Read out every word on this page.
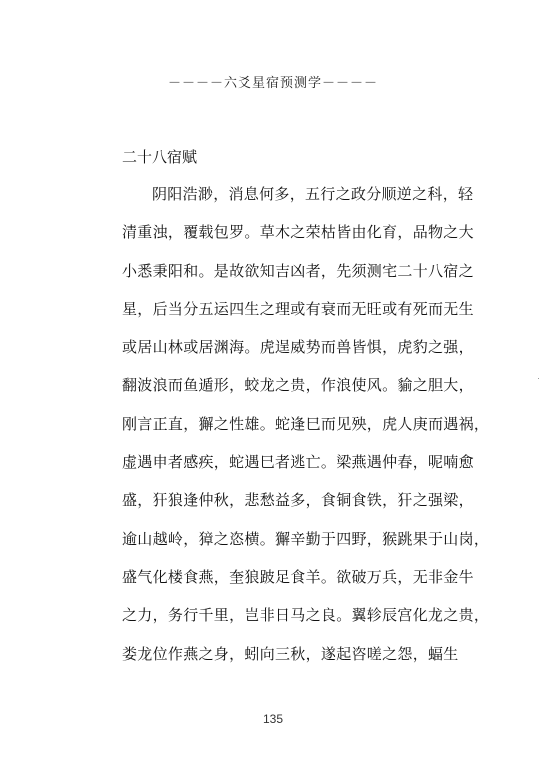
－－－－六爻星宿预测学－－－－
二十八宿赋
阴阳浩渺，消息何多，五行之政分顺逆之科，轻
清重浊，覆载包罗。草木之荣枯皆由化育，品物之大
小悉秉阳和。是故欲知吉凶者，先须测宅二十八宿之
星，后当分五运四生之理或有衰而无旺或有死而无生
或居山林或居渊海。虎逞威势而兽皆惧，虎豹之强，
翻波浪而鱼遁形，蛟龙之贵，作浪使风。貐之胆大，
刚言正直，獬之性雄。蛇逢巳而见殃，虎人庚而遇祸，
虚遇申者感疾，蛇遇巳者逃亡。梁燕遇仲春，呢喃愈
盛，犴狼逢仲秋，悲愁益多，食铜食铁，犴之强梁，
逾山越岭，獐之恣横。獬辛勤于四野，猴跳果于山岗，
盛气化楼食燕，奎狼跛足食羊。欲破万兵，无非金牛
之力，务行千里，岂非日马之良。翼轸辰宫化龙之贵，
娄龙位作燕之身，蚓向三秋，遂起咨嗟之怨，蝠生
135
